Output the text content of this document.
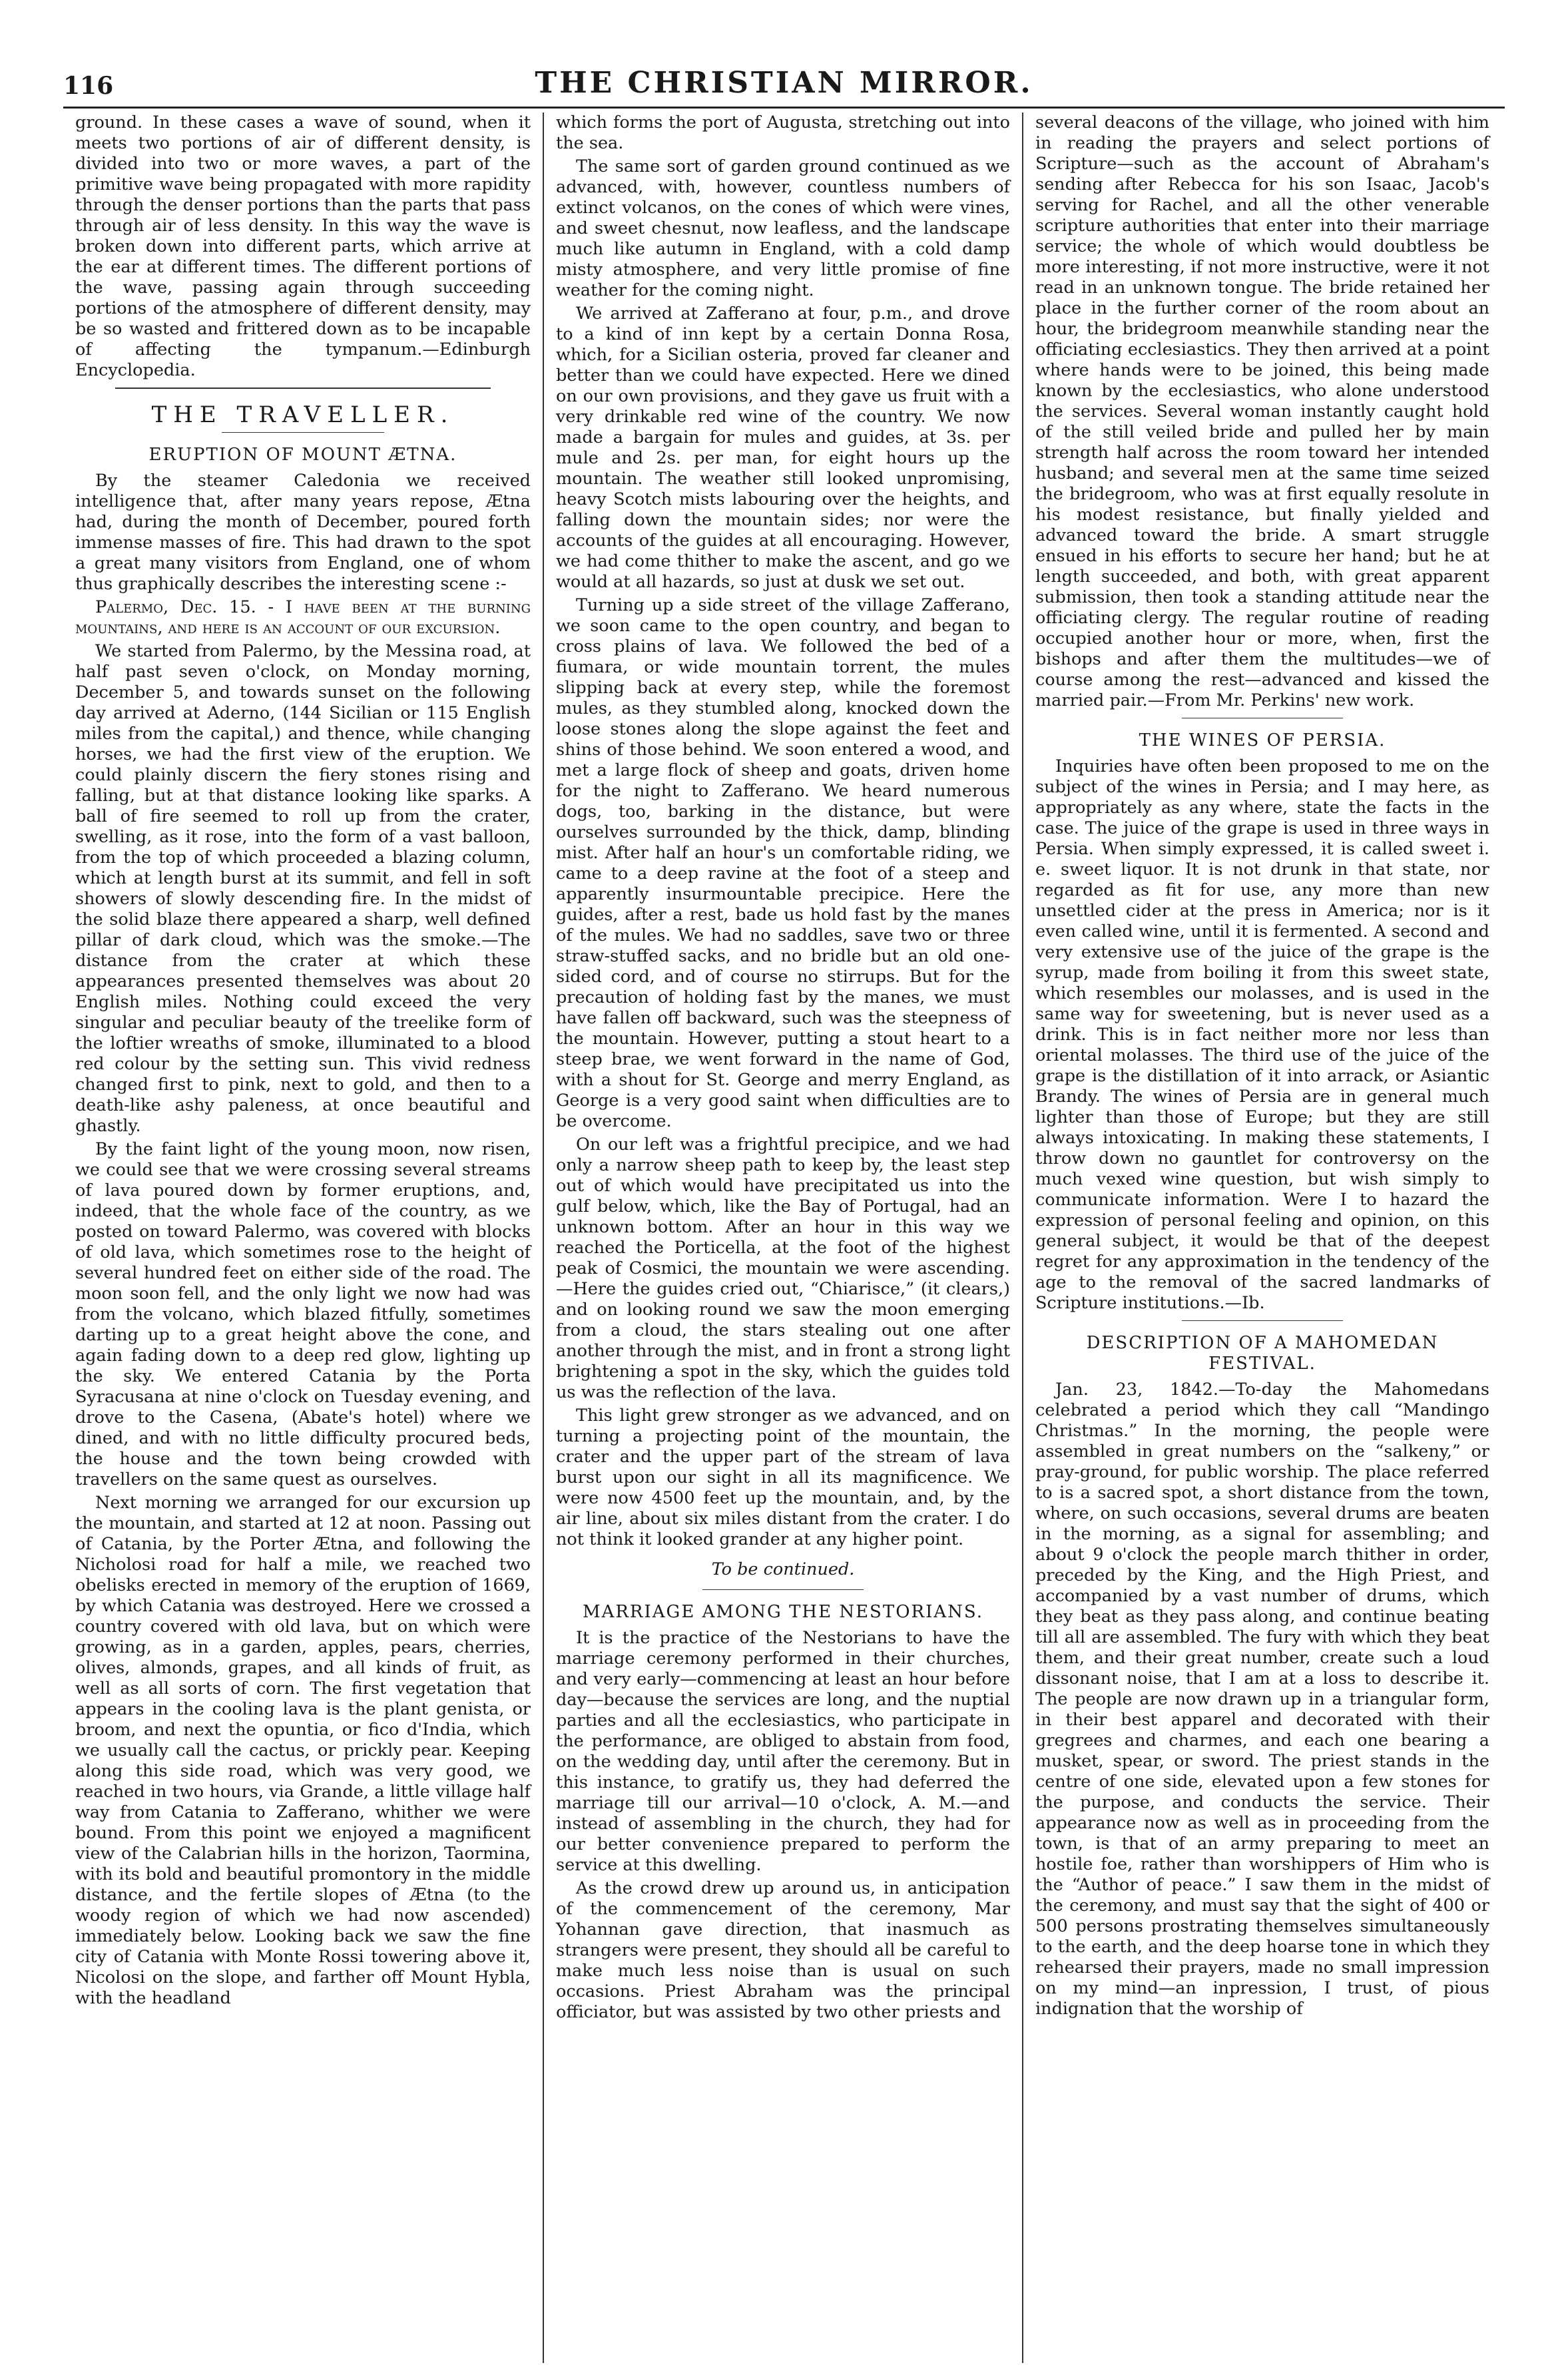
116	THE CHRISTIAN MIRROR.

ground. In these cases a wave of sound, when it meets two portions of air of different density, is divided into two or more waves, a part of the primitive wave being propagated with more rapidity through the denser portions than the parts that pass through air of less density. In this way the wave is broken down into different parts, which arrive at the ear at different times. The different portions of the wave, passing again through succeeding portions of the atmosphere of different density, may be so wasted and frittered down as to be incapable of affecting the tympanum.—Edinburgh Encyclopedia.

THE TRAVELLER.
ERUPTION OF MOUNT ÆTNA.

By the steamer Caledonia we received intelligence that, after many years repose, Ætna had, during the month of December, poured forth immense masses of fire. This had drawn to the spot a great many visitors from England, one of whom thus graphically describes the interesting scene :-

Palermo, Dec. 15. - I have been at the burning mountains, and here is an account of our excursion.

We started from Palermo, by the Messina road, at half past seven o'clock, on Monday morning, December 5, and towards sunset on the following day arrived at Aderno, (144 Sicilian or 115 English miles from the capital,) and thence, while changing horses, we had the first view of the eruption. We could plainly discern the fiery stones rising and falling, but at that distance looking like sparks. A ball of fire seemed to roll up from the crater, swelling, as it rose, into the form of a vast balloon, from the top of which proceeded a blazing column, which at length burst at its summit, and fell in soft showers of slowly descending fire. In the midst of the solid blaze there appeared a sharp, well defined pillar of dark cloud, which was the smoke.—The distance from the crater at which these appearances presented themselves was about 20 English miles. Nothing could exceed the very singular and peculiar beauty of the treelike form of the loftier wreaths of smoke, illuminated to a blood red colour by the setting sun. This vivid redness changed first to pink, next to gold, and then to a death-like ashy paleness, at once beautiful and ghastly.

By the faint light of the young moon, now risen, we could see that we were crossing several streams of lava poured down by former eruptions, and, indeed, that the whole face of the country, as we posted on toward Palermo, was covered with blocks of old lava, which sometimes rose to the height of several hundred feet on either side of the road. The moon soon fell, and the only light we now had was from the volcano, which blazed fitfully, sometimes darting up to a great height above the cone, and again fading down to a deep red glow, lighting up the sky. We entered Catania by the Porta Syracusana at nine o'clock on Tuesday evening, and drove to the Casena, (Abate's hotel) where we dined, and with no little difficulty procured beds, the house and the town being crowded with travellers on the same quest as ourselves.

Next morning we arranged for our excursion up the mountain, and started at 12 at noon. Passing out of Catania, by the Porter Ætna, and following the Nicholosi road for half a mile, we reached two obelisks erected in memory of the eruption of 1669, by which Catania was destroyed. Here we crossed a country covered with old lava, but on which were growing, as in a garden, apples, pears, cherries, olives, almonds, grapes, and all kinds of fruit, as well as all sorts of corn. The first vegetation that appears in the cooling lava is the plant genista, or broom, and next the opuntia, or fico d'India, which we usually call the cactus, or prickly pear. Keeping along this side road, which was very good, we reached in two hours, via Grande, a little village half way from Catania to Zafferano, whither we were bound. From this point we enjoyed a magnificent view of the Calabrian hills in the horizon, Taormina, with its bold and beautiful promontory in the middle distance, and the fertile slopes of Ætna (to the woody region of which we had now ascended) immediately below. Looking back we saw the fine city of Catania with Monte Rossi towering above it, Nicolosi on the slope, and farther off Mount Hybla, with the headland

which forms the port of Augusta, stretching out into the sea.

The same sort of garden ground continued as we advanced, with, however, countless numbers of extinct volcanos, on the cones of which were vines, and sweet chesnut, now leafless, and the landscape much like autumn in England, with a cold damp misty atmosphere, and very little promise of fine weather for the coming night.

We arrived at Zafferano at four, p.m., and drove to a kind of inn kept by a certain Donna Rosa, which, for a Sicilian osteria, proved far cleaner and better than we could have expected. Here we dined on our own provisions, and they gave us fruit with a very drinkable red wine of the country. We now made a bargain for mules and guides, at 3s. per mule and 2s. per man, for eight hours up the mountain. The weather still looked unpromising, heavy Scotch mists labouring over the heights, and falling down the mountain sides; nor were the accounts of the guides at all encouraging. However, we had come thither to make the ascent, and go we would at all hazards, so just at dusk we set out.

Turning up a side street of the village Zafferano, we soon came to the open country, and began to cross plains of lava. We followed the bed of a fiumara, or wide mountain torrent, the mules slipping back at every step, while the foremost mules, as they stumbled along, knocked down the loose stones along the slope against the feet and shins of those behind. We soon entered a wood, and met a large flock of sheep and goats, driven home for the night to Zafferano. We heard numerous dogs, too, barking in the distance, but were ourselves surrounded by the thick, damp, blinding mist. After half an hour's un comfortable riding, we came to a deep ravine at the foot of a steep and apparently insurmountable precipice. Here the guides, after a rest, bade us hold fast by the manes of the mules. We had no saddles, save two or three straw-stuffed sacks, and no bridle but an old one-sided cord, and of course no stirrups. But for the precaution of holding fast by the manes, we must have fallen off backward, such was the steepness of the mountain. However, putting a stout heart to a steep brae, we went forward in the name of God, with a shout for St. George and merry England, as George is a very good saint when difficulties are to be overcome.

On our left was a frightful precipice, and we had only a narrow sheep path to keep by, the least step out of which would have precipitated us into the gulf below, which, like the Bay of Portugal, had an unknown bottom. After an hour in this way we reached the Porticella, at the foot of the highest peak of Cosmici, the mountain we were ascending.—Here the guides cried out, “Chiarisce,” (it clears,) and on looking round we saw the moon emerging from a cloud, the stars stealing out one after another through the mist, and in front a strong light brightening a spot in the sky, which the guides told us was the reflection of the lava.

This light grew stronger as we advanced, and on turning a projecting point of the mountain, the crater and the upper part of the stream of lava burst upon our sight in all its magnificence. We were now 4500 feet up the mountain, and, by the air line, about six miles distant from the crater. I do not think it looked grander at any higher point.

To be continued.
MARRIAGE AMONG THE NESTORIANS.

It is the practice of the Nestorians to have the marriage ceremony performed in their churches, and very early—commencing at least an hour before day—because the services are long, and the nuptial parties and all the ecclesiastics, who participate in the performance, are obliged to abstain from food, on the wedding day, until after the ceremony. But in this instance, to gratify us, they had deferred the marriage till our arrival—10 o'clock, A. M.—and instead of assembling in the church, they had for our better convenience prepared to perform the service at this dwelling.

As the crowd drew up around us, in anticipation of the commencement of the ceremony, Mar Yohannan gave direction, that inasmuch as strangers were present, they should all be careful to make much less noise than is usual on such occasions. Priest Abraham was the principal officiator, but was assisted by two other priests and

several deacons of the village, who joined with him in reading the prayers and select portions of Scripture—such as the account of Abraham's sending after Rebecca for his son Isaac, Jacob's serving for Rachel, and all the other venerable scripture authorities that enter into their marriage service; the whole of which would doubtless be more interesting, if not more instructive, were it not read in an unknown tongue. The bride retained her place in the further corner of the room about an hour, the bridegroom meanwhile standing near the officiating ecclesiastics. They then arrived at a point where hands were to be joined, this being made known by the ecclesiastics, who alone understood the services. Several woman instantly caught hold of the still veiled bride and pulled her by main strength half across the room toward her intended husband; and several men at the same time seized the bridegroom, who was at first equally resolute in his modest resistance, but finally yielded and advanced toward the bride. A smart struggle ensued in his efforts to secure her hand; but he at length succeeded, and both, with great apparent submission, then took a standing attitude near the officiating clergy. The regular routine of reading occupied another hour or more, when, first the bishops and after them the multitudes—we of course among the rest—advanced and kissed the married pair.—From Mr. Perkins' new work.

THE WINES OF PERSIA.

Inquiries have often been proposed to me on the subject of the wines in Persia; and I may here, as appropriately as any where, state the facts in the case. The juice of the grape is used in three ways in Persia. When simply expressed, it is called sweet i. e. sweet liquor. It is not drunk in that state, nor regarded as fit for use, any more than new unsettled cider at the press in America; nor is it even called wine, until it is fermented. A second and very extensive use of the juice of the grape is the syrup, made from boiling it from this sweet state, which resembles our molasses, and is used in the same way for sweetening, but is never used as a drink. This is in fact neither more nor less than oriental molasses. The third use of the juice of the grape is the distillation of it into arrack, or Asiantic Brandy. The wines of Persia are in general much lighter than those of Europe; but they are still always intoxicating. In making these statements, I throw down no gauntlet for controversy on the much vexed wine question, but wish simply to communicate information. Were I to hazard the expression of personal feeling and opinion, on this general subject, it would be that of the deepest regret for any approximation in the tendency of the age to the removal of the sacred landmarks of Scripture institutions.—Ib.

DESCRIPTION OF A MAHOMEDAN FESTIVAL.

Jan. 23, 1842.—To-day the Mahomedans celebrated a period which they call “Mandingo Christmas.” In the morning, the people were assembled in great numbers on the “salkeny,” or pray-ground, for public worship. The place referred to is a sacred spot, a short distance from the town, where, on such occasions, several drums are beaten in the morning, as a signal for assembling; and about 9 o'clock the people march thither in order, preceded by the King, and the High Priest, and accompanied by a vast number of drums, which they beat as they pass along, and continue beating till all are assembled. The fury with which they beat them, and their great number, create such a loud dissonant noise, that I am at a loss to describe it. The people are now drawn up in a triangular form, in their best apparel and decorated with their gregrees and charmes, and each one bearing a musket, spear, or sword. The priest stands in the centre of one side, elevated upon a few stones for the purpose, and conducts the service. Their appearance now as well as in proceeding from the town, is that of an army preparing to meet an hostile foe, rather than worshippers of Him who is the “Author of peace.” I saw them in the midst of the ceremony, and must say that the sight of 400 or 500 persons prostrating themselves simultaneously to the earth, and the deep hoarse tone in which they rehearsed their prayers, made no small impression on my mind—an inpression, I trust, of pious indignation that the worship of
